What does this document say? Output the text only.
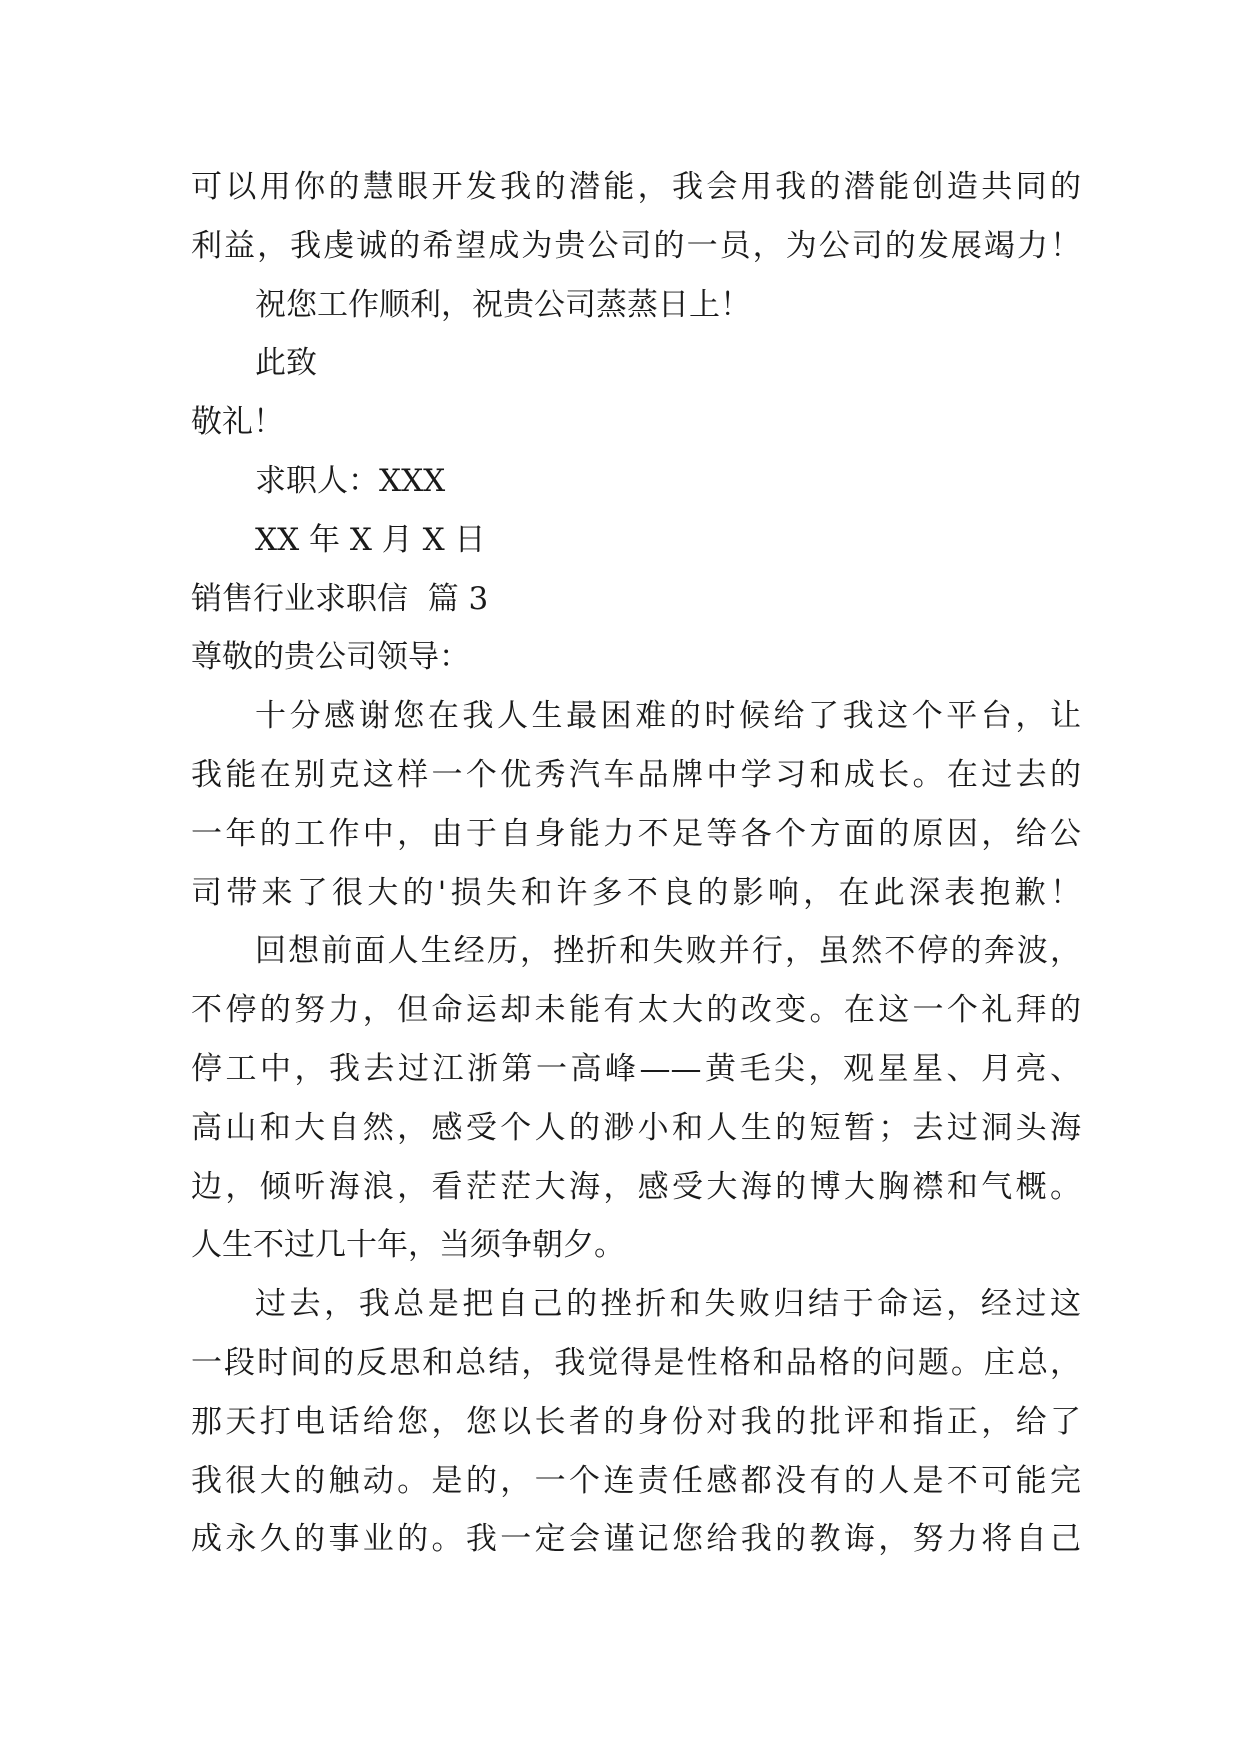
可以用你的慧眼开发我的潜能，我会用我的潜能创造共同的
利益，我虔诚的希望成为贵公司的一员，为公司的发展竭力！
祝您工作顺利，祝贵公司蒸蒸日上！
此致
敬礼！
求职人：XXX
XX 年 X 月 X 日
销售行业求职信  篇 3
尊敬的贵公司领导：
十分感谢您在我人生最困难的时候给了我这个平台，让
我能在别克这样一个优秀汽车品牌中学习和成长。在过去的
一年的工作中，由于自身能力不足等各个方面的原因，给公
司带来了很大的'损失和许多不良的影响，在此深表抱歉！
回想前面人生经历，挫折和失败并行，虽然不停的奔波，
不停的努力，但命运却未能有太大的改变。在这一个礼拜的
停工中，我去过江浙第一高峰——黄毛尖，观星星、月亮、
高山和大自然，感受个人的渺小和人生的短暂；去过洞头海
边，倾听海浪，看茫茫大海，感受大海的博大胸襟和气概。
人生不过几十年，当须争朝夕。
过去，我总是把自己的挫折和失败归结于命运，经过这
一段时间的反思和总结，我觉得是性格和品格的问题。庄总，
那天打电话给您，您以长者的身份对我的批评和指正，给了
我很大的触动。是的，一个连责任感都没有的人是不可能完
成永久的事业的。我一定会谨记您给我的教诲，努力将自己
